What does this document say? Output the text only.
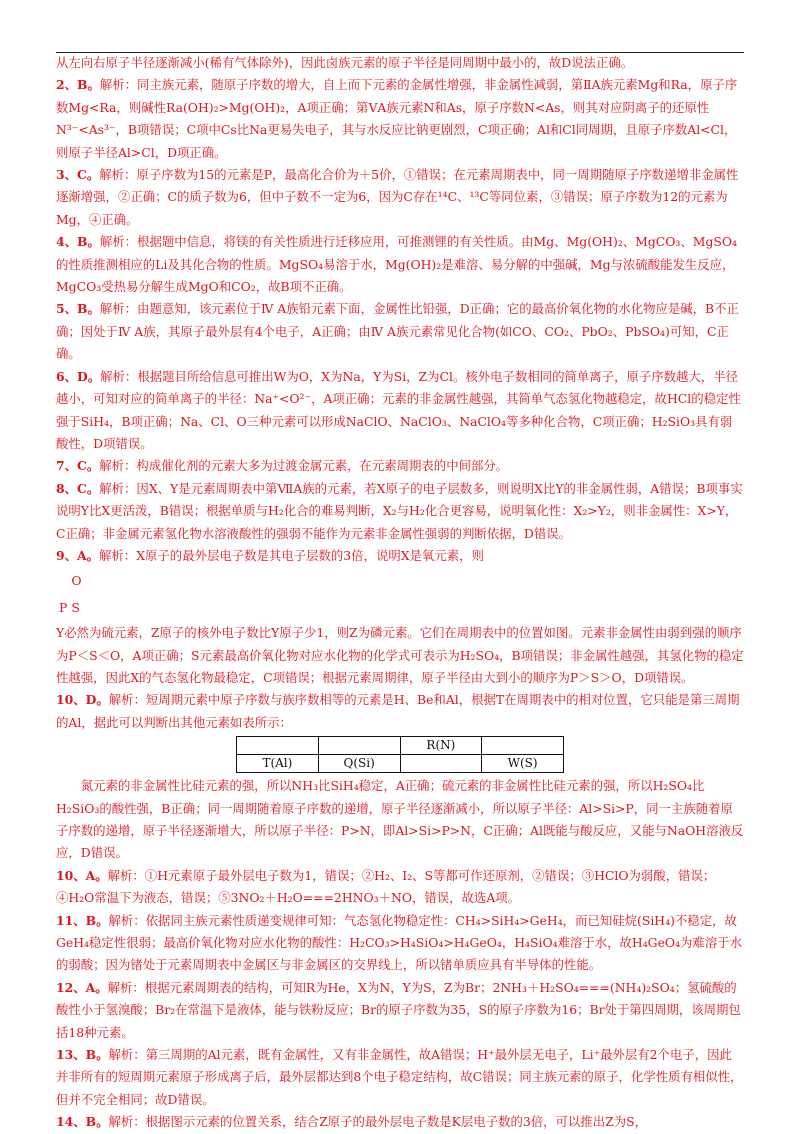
从左向右原子半径逐渐减小(稀有气体除外)，因此卤族元素的原子半径是同周期中最小的，故D说法正确。

2、B。解析：同主族元素，随原子序数的增大，自上而下元素的金属性增强，非金属性减弱，第ⅡA族元素Mg和Ra，原子序数Mg<Ra，则碱性Ra(OH)₂>Mg(OH)₂，A项正确；第ⅤA族元素N和As，原子序数N<As，则其对应阴离子的还原性N³⁻<As³⁻，B项错误；C项中Cs比Na更易失电子，其与水反应比钠更剧烈，C项正确；Al和Cl同周期，且原子序数Al<Cl，则原子半径Al>Cl，D项正确。

3、C。解析：原子序数为15的元素是P，最高化合价为＋5价，①错误；在元素周期表中，同一周期随原子序数递增非金属性逐渐增强，②正确；C的质子数为6，但中子数不一定为6，因为C存在¹⁴C、¹³C等同位素，③错误；原子序数为12的元素为Mg，④正确。

4、B。解析：根据题中信息，将镁的有关性质进行迁移应用，可推测锂的有关性质。由Mg、Mg(OH)₂、MgCO₃、MgSO₄的性质推测相应的Li及其化合物的性质。MgSO₄易溶于水，Mg(OH)₂是难溶、易分解的中强碱，Mg与浓硫酸能发生反应，MgCO₃受热易分解生成MgO和CO₂，故B项不正确。

5、B。解析：由题意知，该元素位于Ⅳ A族铅元素下面，金属性比铅强，D正确；它的最高价氧化物的水化物应是碱，B不正确；因处于Ⅳ A族，其原子最外层有4个电子，A正确；由Ⅳ A族元素常见化合物(如CO、CO₂、PbO₂、PbSO₄)可知，C正确。

6、D。解析：根据题目所给信息可推出W为O，X为Na，Y为Si，Z为Cl。核外电子数相同的简单离子，原子序数越大，半径越小，可知对应的简单离子的半径：Na⁺<O²⁻，A项正确；元素的非金属性越强，其简单气态氢化物越稳定，故HCl的稳定性强于SiH₄，B项正确；Na、Cl、O三种元素可以形成NaClO、NaClO₃、NaClO₄等多种化合物，C项正确；H₂SiO₃具有弱酸性，D项错误。

7、C。解析：构成催化剂的元素大多为过渡金属元素，在元素周期表的中间部分。

8、C。解析：因X、Y是元素周期表中第ⅦA族的元素，若X原子的电子层数多，则说明X比Y的非金属性弱，A错误；B项事实说明Y比X更活泼，B错误；根据单质与H₂化合的难易判断，X₂与H₂化合更容易，说明氧化性：X₂>Y₂，则非金属性：X>Y，C正确；非金属元素氢化物水溶液酸性的强弱不能作为元素非金属性强弱的判断依据，D错误。

9、A。解析：X原子的最外层电子数是其电子层数的3倍，说明X是氧元素，则

	O
P	S
Y必然为硫元素，Z原子的核外电子数比Y原子少1，则Z为磷元素。它们在周期表中的位置如图。元素非金属性由弱到强的顺序为P＜S＜O，A项正确；S元素最高价氧化物对应水化物的化学式可表示为H₂SO₄，B项错误；非金属性越强，其氢化物的稳定性越强，因此X的气态氢化物最稳定，C项错误；根据元素周期律，原子半径由大到小的顺序为P＞S＞O，D项错误。

10、D。解析：短周期元素中原子序数与族序数相等的元素是H、Be和Al，根据T在周期表中的相对位置，它只能是第三周期的Al，据此可以判断出其他元素如表所示：

		R(N)	
T(Al)	Q(Si)		W(S)

氮元素的非金属性比硅元素的强，所以NH₃比SiH₄稳定，A正确；硫元素的非金属性比硅元素的强，所以H₂SO₄比H₂SiO₃的酸性强，B正确；同一周期随着原子序数的递增，原子半径逐渐减小，所以原子半径：Al>Si>P，同一主族随着原子序数的递增，原子半径逐渐增大，所以原子半径：P>N，即Al>Si>P>N，C正确；Al既能与酸反应，又能与NaOH溶液反应，D错误。

10、A。解析：①H元素原子最外层电子数为1，错误；②H₂、I₂、S等都可作还原剂，②错误；③HClO为弱酸，错误；④H₂O常温下为液态，错误；⑤3NO₂＋H₂O===2HNO₃＋NO，错误，故选A项。

11、B。解析：依据同主族元素性质递变规律可知：气态氢化物稳定性：CH₄>SiH₄>GeH₄，而已知硅烷(SiH₄)不稳定，故GeH₄稳定性很弱；最高价氧化物对应水化物的酸性：H₂CO₃>H₄SiO₄>H₄GeO₄，H₄SiO₄难溶于水，故H₄GeO₄为难溶于水的弱酸；因为锗处于元素周期表中金属区与非金属区的交界线上，所以锗单质应具有半导体的性能。

12、A。解析：根据元素周期表的结构，可知R为He，X为N，Y为S，Z为Br；2NH₃＋H₂SO₄===(NH₄)₂SO₄；氢硫酸的酸性小于氢溴酸；Br₂在常温下是液体，能与铁粉反应；Br的原子序数为35，S的原子序数为16；Br处于第四周期，该周期包括18种元素。

13、B。解析：第三周期的Al元素，既有金属性，又有非金属性，故A错误；H⁺最外层无电子，Li⁺最外层有2个电子，因此并非所有的短周期元素原子形成离子后，最外层都达到8个电子稳定结构，故C错误；同主族元素的原子，化学性质有相似性，但并不完全相同；故D错误。

14、B。解析：根据图示元素的位置关系，结合Z原子的最外层电子数是K层电子数的3倍，可以推出Z为S，
